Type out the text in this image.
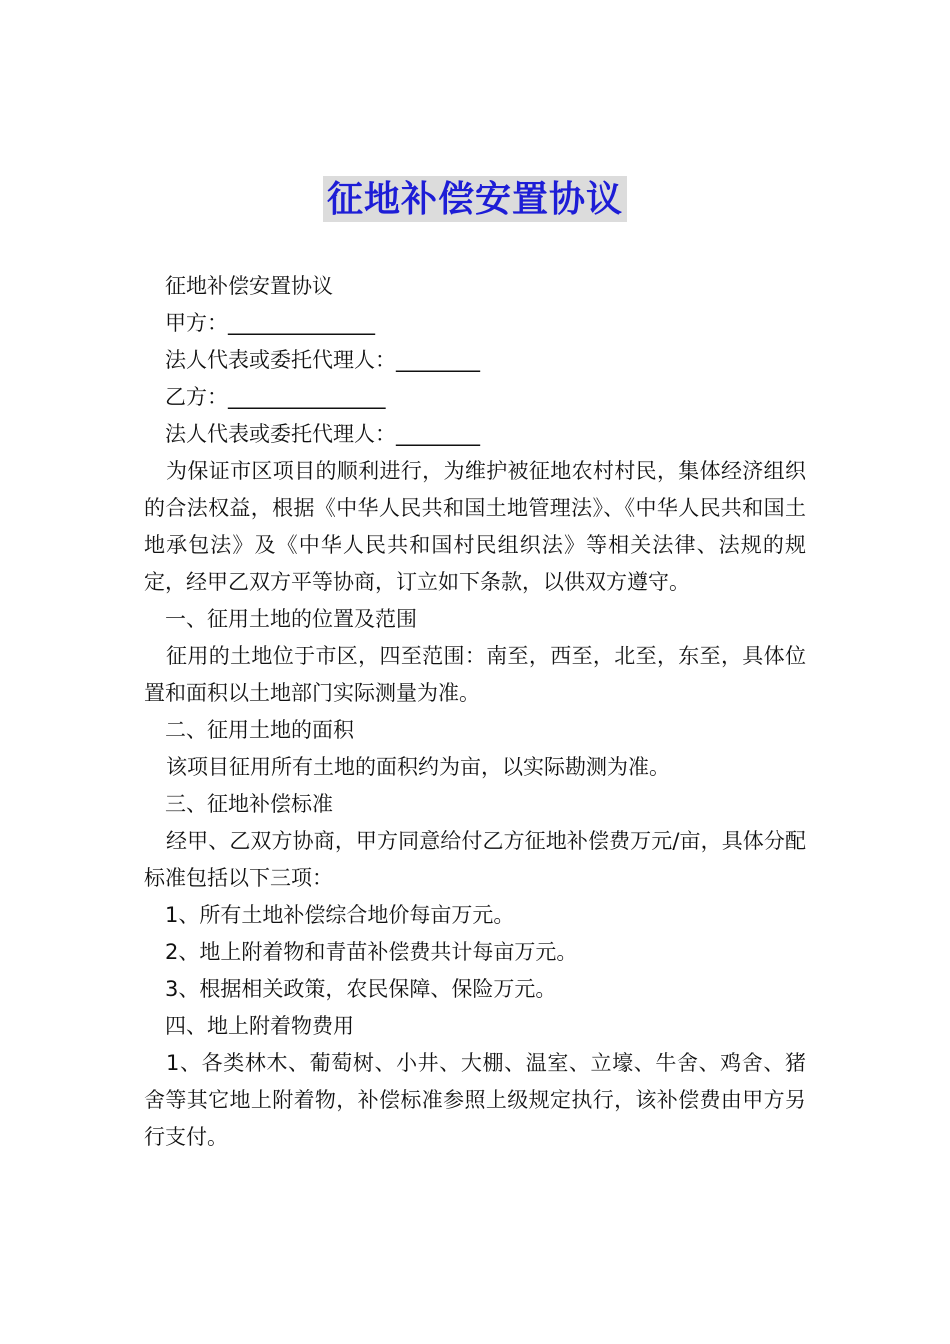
征地补偿安置协议

征地补偿安置协议

甲方：______________

法人代表或委托代理人：________

乙方：_______________

法人代表或委托代理人：________

为保证市区项目的顺利进行，为维护被征地农村村民，集体经济组织的合法权益，根据《中华人民共和国土地管理法》、《中华人民共和国土地承包法》及《中华人民共和国村民组织法》等相关法律、法规的规定，经甲乙双方平等协商，订立如下条款，以供双方遵守。

一、征用土地的位置及范围

征用的土地位于市区，四至范围：南至，西至，北至，东至，具体位置和面积以土地部门实际测量为准。

二、征用土地的面积

该项目征用所有土地的面积约为亩，以实际勘测为准。

三、征地补偿标准

经甲、乙双方协商，甲方同意给付乙方征地补偿费万元/亩，具体分配标准包括以下三项：

1、所有土地补偿综合地价每亩万元。

2、地上附着物和青苗补偿费共计每亩万元。

3、根据相关政策，农民保障、保险万元。

四、地上附着物费用

1、各类林木、葡萄树、小井、大棚、温室、立壕、牛舍、鸡舍、猪舍等其它地上附着物，补偿标准参照上级规定执行，该补偿费由甲方另行支付。
